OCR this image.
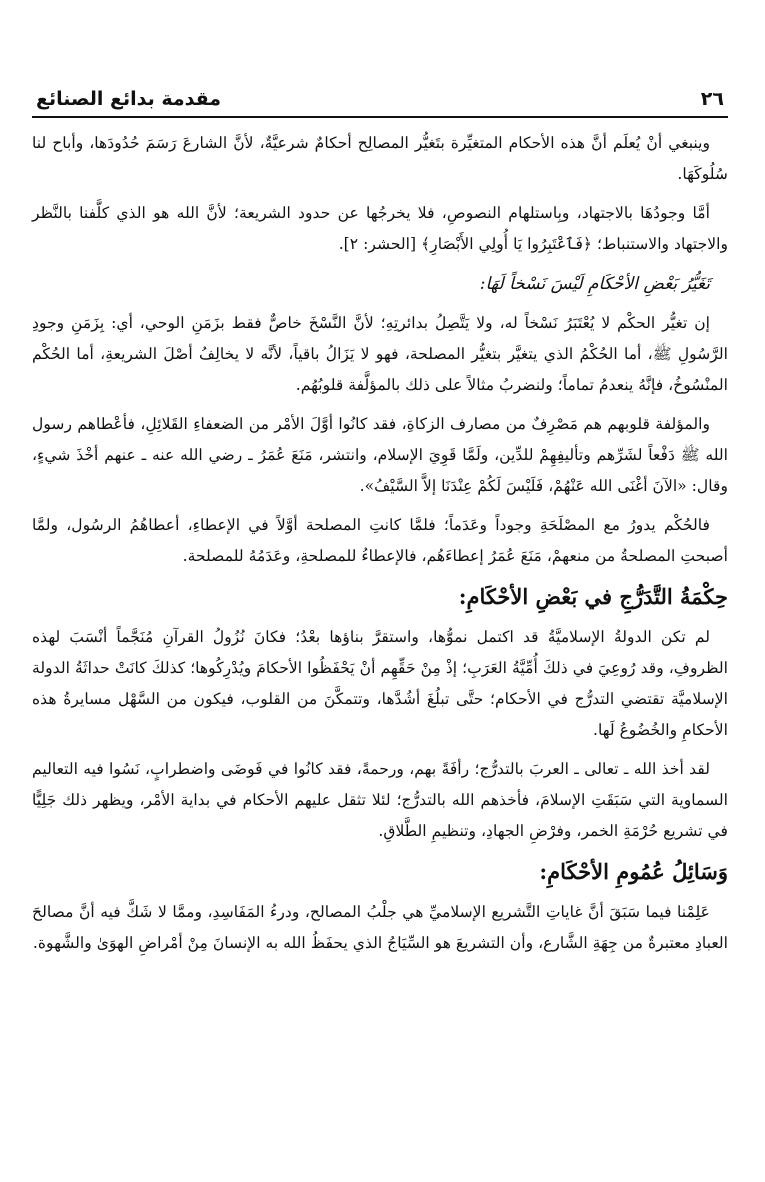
٢٦
مقدمة بدائع الصنائع

وينبغي أنْ يُعلَم أنَّ هذه الأحكام المتغيِّرة بتَغيُّر المصالِح أحكامٌ شرعيَّةٌ، لأنَّ الشارعَ رَسَمَ حُدُودَها، وأباح لنا سُلُوكَهَا.

أمَّا وجودُهَا بالاجتهاد، وبِاستلهام النصوصِ، فلا يخرجُها عن حدود الشريعة؛ لأنَّ الله هو الذي كلَّفنا بالنَّظر والاجتهاد والاستنباط؛ ﴿فَٱعْتَبِرُوا يَا أُولِي الأَبْصَارِ﴾ [الحشر: ٢].

تَغَيُّرُ بَعْضِ الأحْكَامِ لَيْسَ نَسْخاً لَهَا:

إن تغيُّر الحكْم لا يُعْتَبَرُ نَسْخاً له، ولا يَتَّصِلُ بدائرتِهِ؛ لأنَّ النَّسْخَ خاصٌّ فقط بزَمَنِ الوحي، أي: بِزَمَنِ وجودِ الرَّسُولِ ﷺ، أما الحُكْمُ الذي يتغيَّر بتغيُّر المصلحة، فهو لا يَزَالُ باقياً، لأنَّه لا يخالِفُ أصْلَ الشريعةِ، أما الحُكْم المنْسُوخُ، فإنَّهُ ينعدمُ تماماً؛ ولنضربُ مثالاً على ذلك بالمؤلَّفة قلوبُهُم.

والمؤلفة قلوبهم هم مَصْرِفٌ من مصارف الزكاةِ، فقد كانُوا أوَّلَ الأمْر من الضعفاءِ القَلائِلِ، فأعْطاهم رسول الله ﷺ دَفْعاً لشَرِّهم وتأليفِهِمْ للدِّين، ولَمَّا قَوِيَ الإسلام، وانتشر، مَنَعَ عُمَرُ ـ رضي الله عنه ـ عنهم أخْذَ شيءٍ، وقال: «الآنَ أغْنَى الله عَنْهُمْ، فَلَيْسَ لَكُمْ عِنْدَنَا إلاَّ السَّيْفُ».

فالحُكْم يدورُ مع المصْلَحَةِ وجوداً وعَدَماً؛ فلمَّا كانتِ المصلحة أوَّلاً في الإعطاءِ، أعطاهُمُ الرسُول، ولمَّا أصبحتِ المصلحةُ من منعهمْ، مَنَعَ عُمَرُ إعطاءَهُم، فالإعطاءُ للمصلحةِ، وعَدَمُهُ للمصلحة.

حِكْمَةُ التَّدَرُّجِ في بَعْضِ الأحْكَامِ:

لم تكن الدولةُ الإسلاميَّةُ قد اكتمل نموُّها، واستقرَّ بناؤها بعْدُ؛ فكانَ نُزُولُ القرآنِ مُنَجَّماً أنْسَبَ لهذه الظروفِ، وقد رُوعِيَ في ذلكَ أُمِّيَّةُ العَرَبِ؛ إذْ مِنْ حَقِّهِم أنْ يَحْفَظُوا الأحكامَ ويُدْرِكُوها؛ كذلكَ كانَتْ حداثَةُ الدولة الإسلاميَّة تقتضي التدرُّج في الأحكام؛ حتَّى تبلُغَ أشُدَّها، وتتمكَّنَ من القلوب، فيكون من السَّهْل مسايرةُ هذه الأحكامِ والخُضُوعُ لَها.

لقد أخذ الله ـ تعالى ـ العربَ بالتدرُّج؛ رأفَةً بهم، ورحمةً، فقد كانُوا في فَوضَى واضطرابٍ، نَسُوا فيه التعاليم السماوية التي سَبَقَتِ الإسلامَ، فأخذهم الله بالتدرُّج؛ لئلا تثقل عليهم الأحكام في بداية الأمْر، ويظهر ذلك جَلِيًّا في تشريع حُرْمَةِ الخمر، وفرْضِ الجهادِ، وتنظيمِ الطَّلاقِ.

وَسَائِلُ عُمُومِ الأحْكَامِ:

عَلِمْنا فيما سَبَقَ أنَّ غاياتِ التَّشريع الإسلاميِّ هي جلْبُ المصالح، ودرءُ المَفَاسِدِ، وممَّا لا شَكَّ فيه أنَّ مصالحَ العبادِ معتبرةٌ من جِهَةِ الشَّارع، وأن التشريعَ هو السِّيَاجُ الذي يحفَظُ الله به الإنسانَ مِنْ أمْراضِ الهوَىٰ والشَّهوة.
